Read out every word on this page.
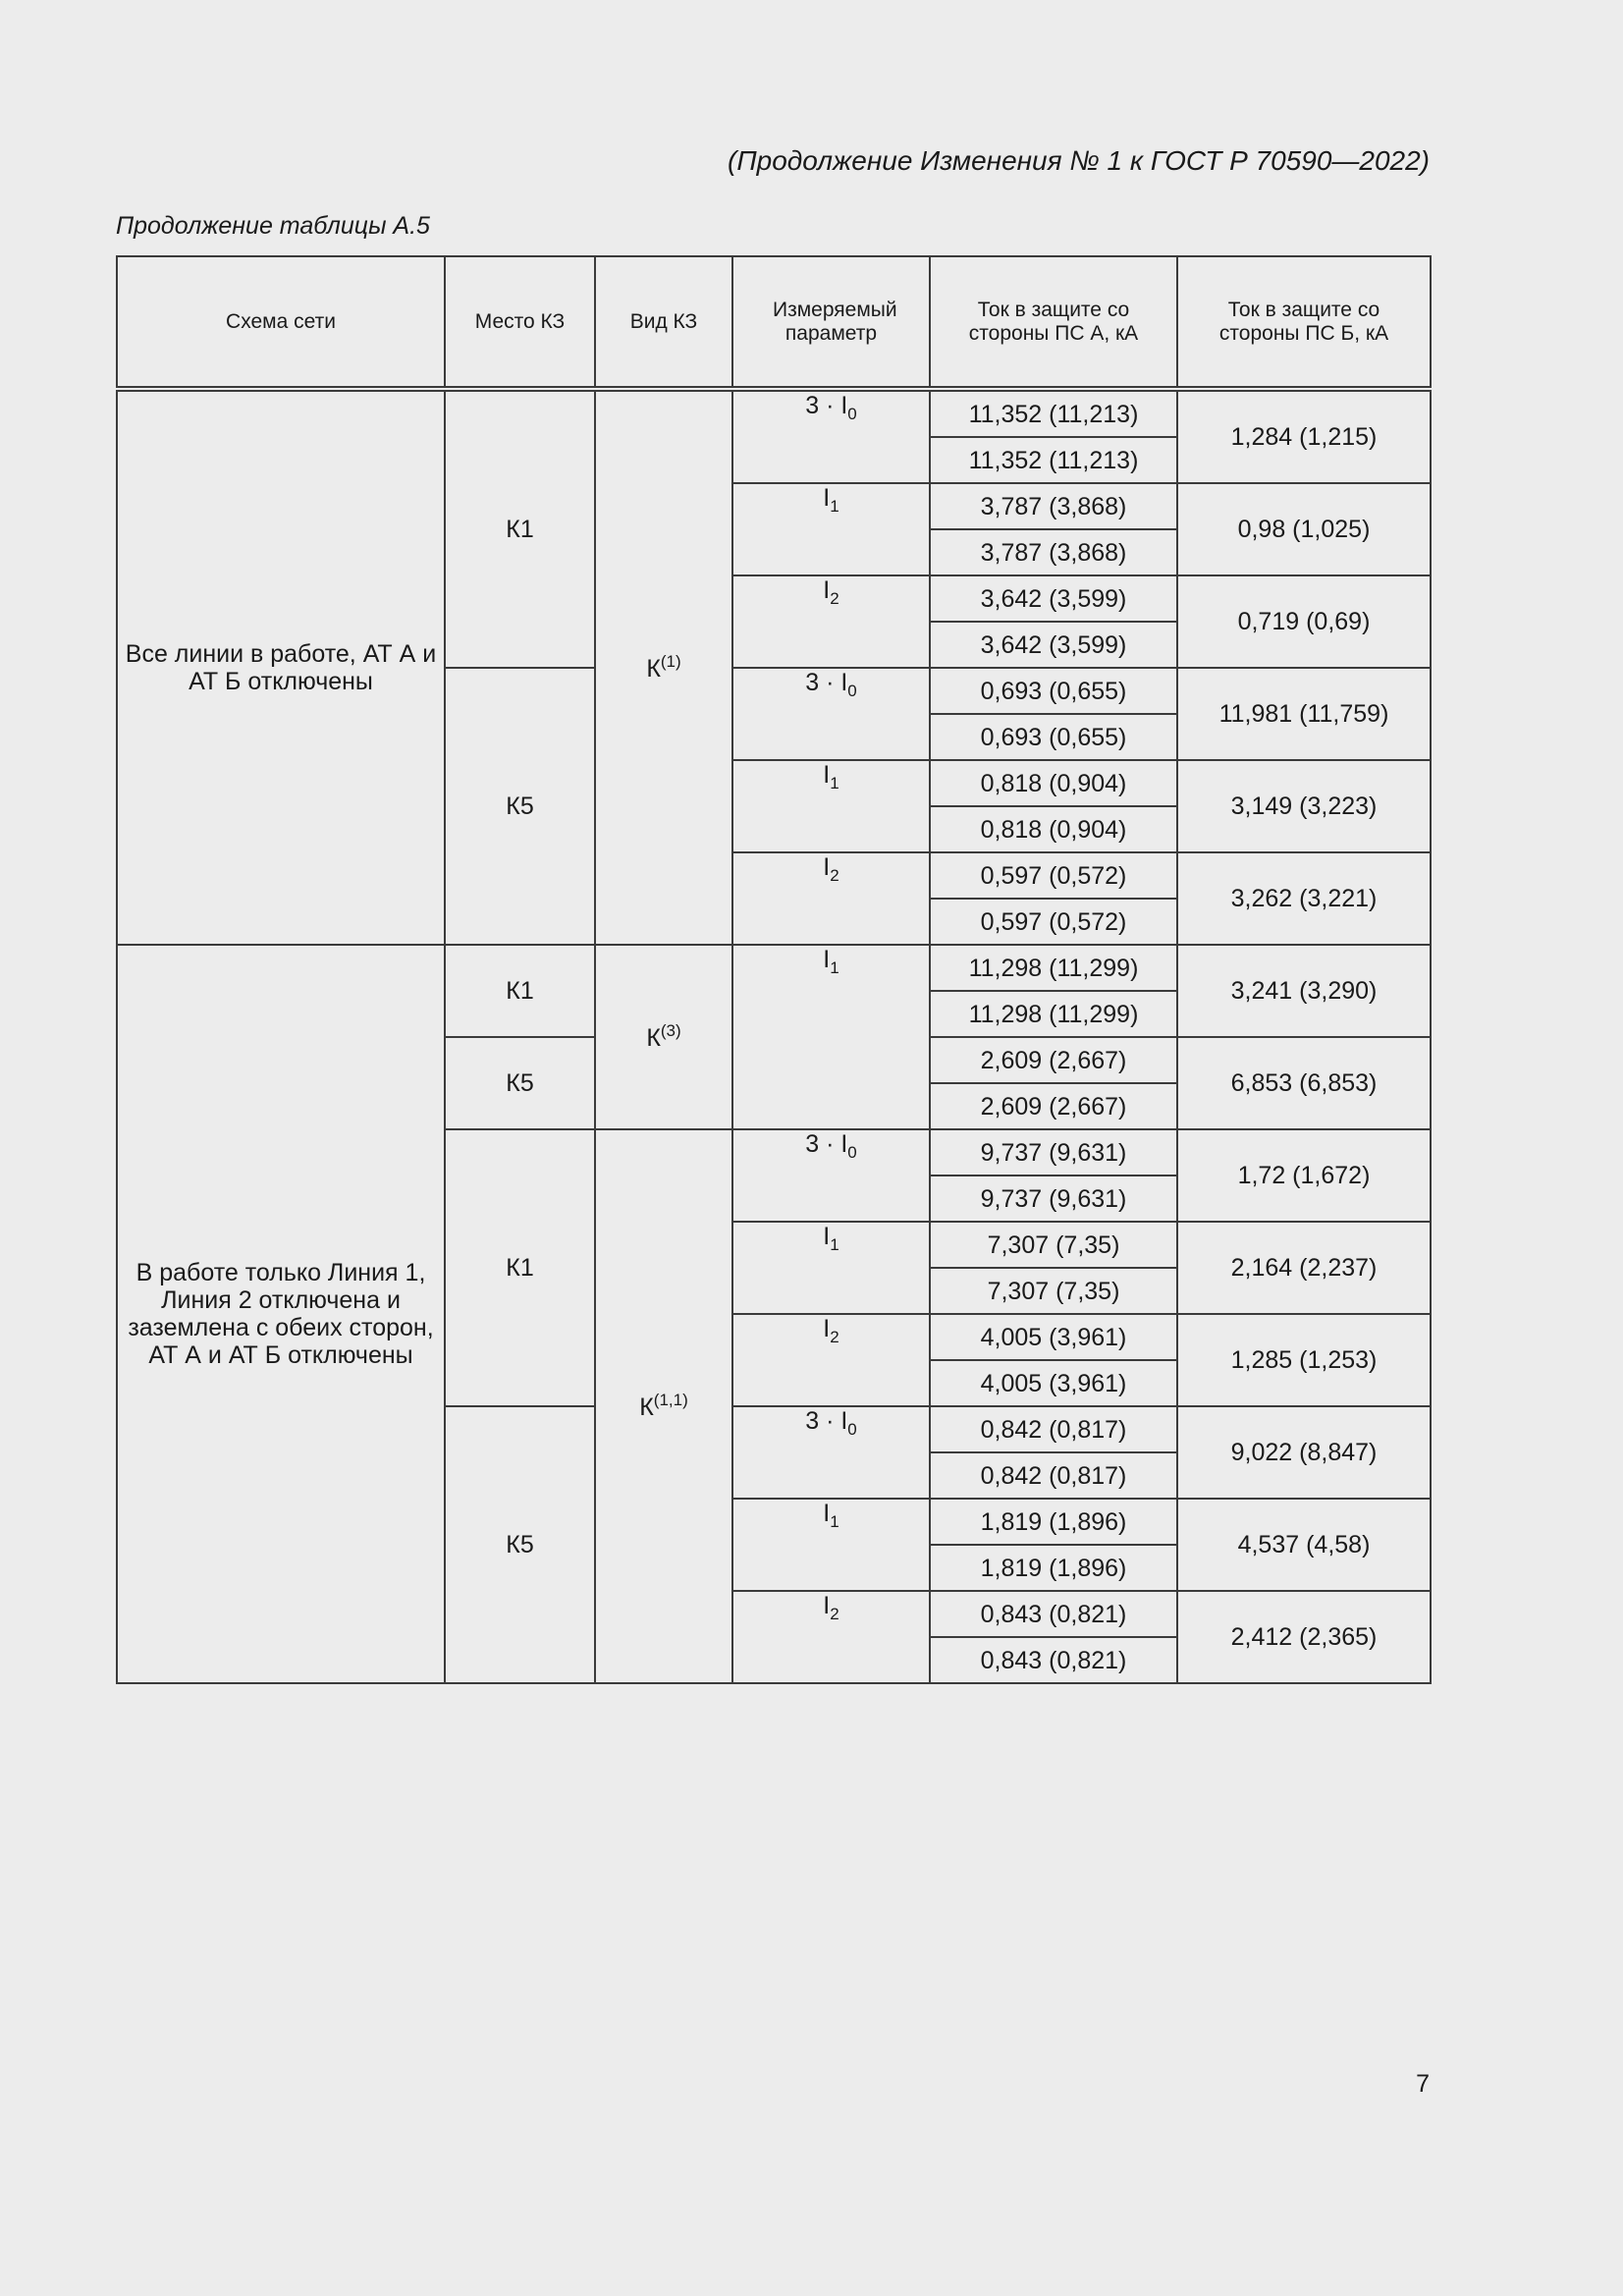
(Продолжение Изменения № 1 к ГОСТ Р 70590—2022)
Продолжение таблицы А.5
Схема сети	Место КЗ	Вид КЗ	Измеряемый параметр	Ток в защите со стороны ПС А, кА	Ток в защите со стороны ПС Б, кА
Все линии в работе, АТ А и АТ Б отключены	К1	$К^{(1)}$	$3 \cdot I_0$	11,352 (11,213)	1,284 (1,215)
				11,352 (11,213)	
			$I_1$	3,787 (3,868)	0,98 (1,025)
				3,787 (3,868)	
			$I_2$	3,642 (3,599)	0,719 (0,69)
				3,642 (3,599)	
	К5		$3 \cdot I_0$	0,693 (0,655)	11,981 (11,759)
				0,693 (0,655)	
			$I_1$	0,818 (0,904)	3,149 (3,223)
				0,818 (0,904)	
			$I_2$	0,597 (0,572)	3,262 (3,221)
				0,597 (0,572)	
В работе только Линия 1, Линия 2 отключена и заземлена с обеих сторон, АТ А и АТ Б отключены	К1	$К^{(3)}$	$I_1$	11,298 (11,299)	3,241 (3,290)
				11,298 (11,299)	
	К5			2,609 (2,667)	6,853 (6,853)
				2,609 (2,667)	
	К1	К$^{(1,1)}$	$3 \cdot I_0$	9,737 (9,631)	1,72 (1,672)
				9,737 (9,631)	
			$I_1$	7,307 (7,35)	2,164 (2,237)
				7,307 (7,35)	
			$I_2$	4,005 (3,961)	1,285 (1,253)
				4,005 (3,961)	
	К5		$3 \cdot I_0$	0,842 (0,817)	9,022 (8,847)
				0,842 (0,817)	
			$I_1$	1,819 (1,896)	4,537 (4,58)
				1,819 (1,896)	
			$I_2$	0,843 (0,821)	2,412 (2,365)
				0,843 (0,821)	
7
